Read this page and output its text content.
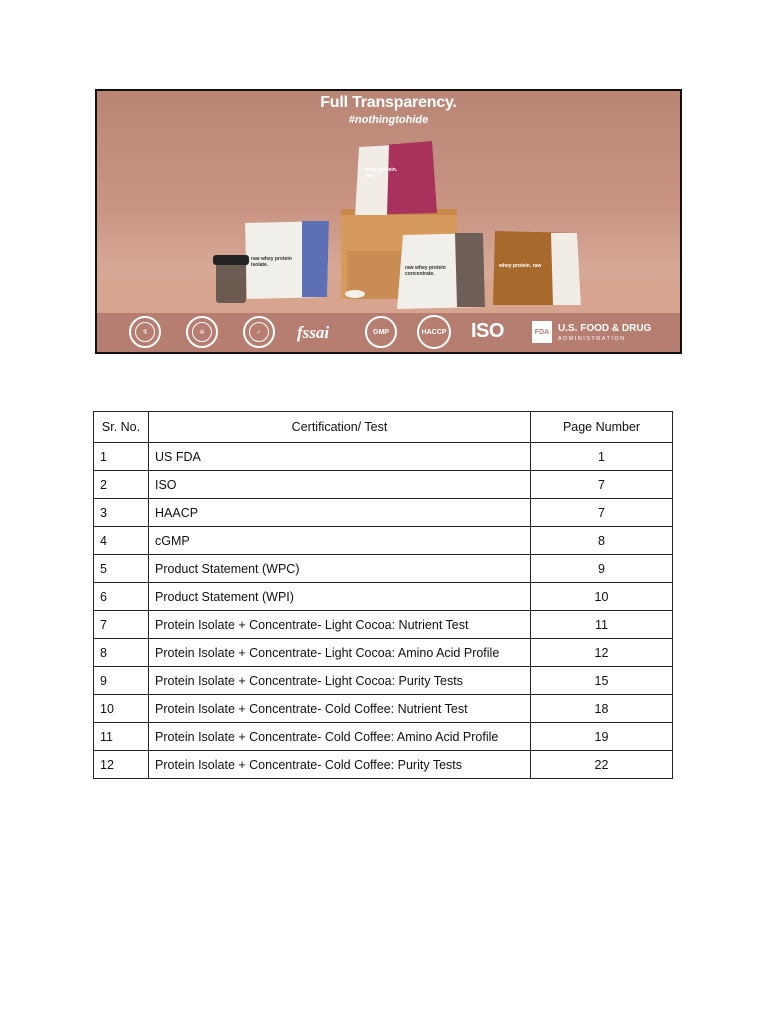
Full Transparency.
#nothingtohide
whey protein. raw
raw whey protein isolate.	raw whey protein concentrate.
whey protein. raw
⚗	✲	✓	fssai	GMP	HACCP ISO	FDA U.S. FOOD & DRUG
ADMINISTRATION
Sr. No.	Certification/ Test	Page Number
1	US FDA	1
2	ISO	7
3	HAACP	7
4	cGMP	8
5	Product Statement (WPC)	9
6	Product Statement (WPI)	10
7	Protein Isolate + Concentrate- Light Cocoa: Nutrient Test	11
8	Protein Isolate + Concentrate- Light Cocoa: Amino Acid Profile	12
9	Protein Isolate + Concentrate- Light Cocoa: Purity Tests	15
10	Protein Isolate + Concentrate- Cold Coffee: Nutrient Test	18
11	Protein Isolate + Concentrate- Cold Coffee: Amino Acid Profile	19
12	Protein Isolate + Concentrate- Cold Coffee: Purity Tests	22
